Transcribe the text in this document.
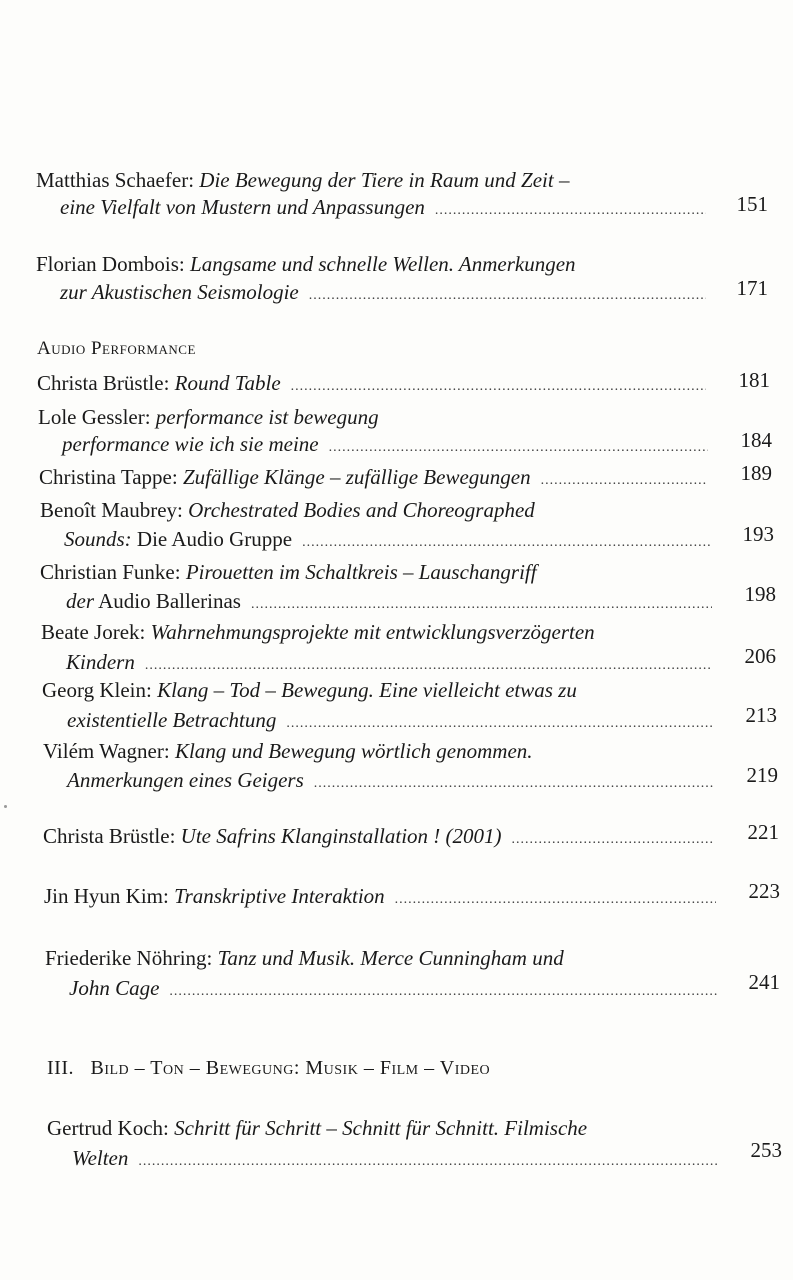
Matthias Schaefer: Die Bewegung der Tiere in Raum und Zeit –
eine Vielfalt von Mustern und Anpassungen .....	151
Florian Dombois: Langsame und schnelle Wellen. Anmerkungen
zur Akustischen Seismologie .....	171
Audio Performance
Christa Brüstle:
Round Table .....	181
Lole Gessler: performance ist bewegung
performance wie ich sie meine .....	184
Christina Tappe:
Zufällige Klänge – zufällige Bewegungen .....	189
Benoît Maubrey: Orchestrated Bodies and Choreographed
Sounds: Die Audio Gruppe .....	193
Christian Funke: Pirouetten im Schaltkreis – Lauschangriff
der Audio Ballerinas .....	198
Beate Jorek: Wahrnehmungsprojekte mit entwicklungsverzögerten
Kindern .....	206
Georg Klein: Klang – Tod – Bewegung. Eine vielleicht etwas zu
existentielle Betrachtung .....	213
Vilém Wagner: Klang und Bewegung wörtlich genommen.
Anmerkungen eines Geigers .....	219
Christa Brüstle:
Ute Safrins Klanginstallation ! (2001) .....	221
Jin Hyun Kim:
Transkriptive Interaktion .....	223
Friederike Nöhring: Tanz und Musik. Merce Cunningham und
John Cage .....	241
III. Bild – Ton – Bewegung: Musik – Film – Video
Gertrud Koch: Schritt für Schritt – Schnitt für Schnitt. Filmische
Welten .....	253
